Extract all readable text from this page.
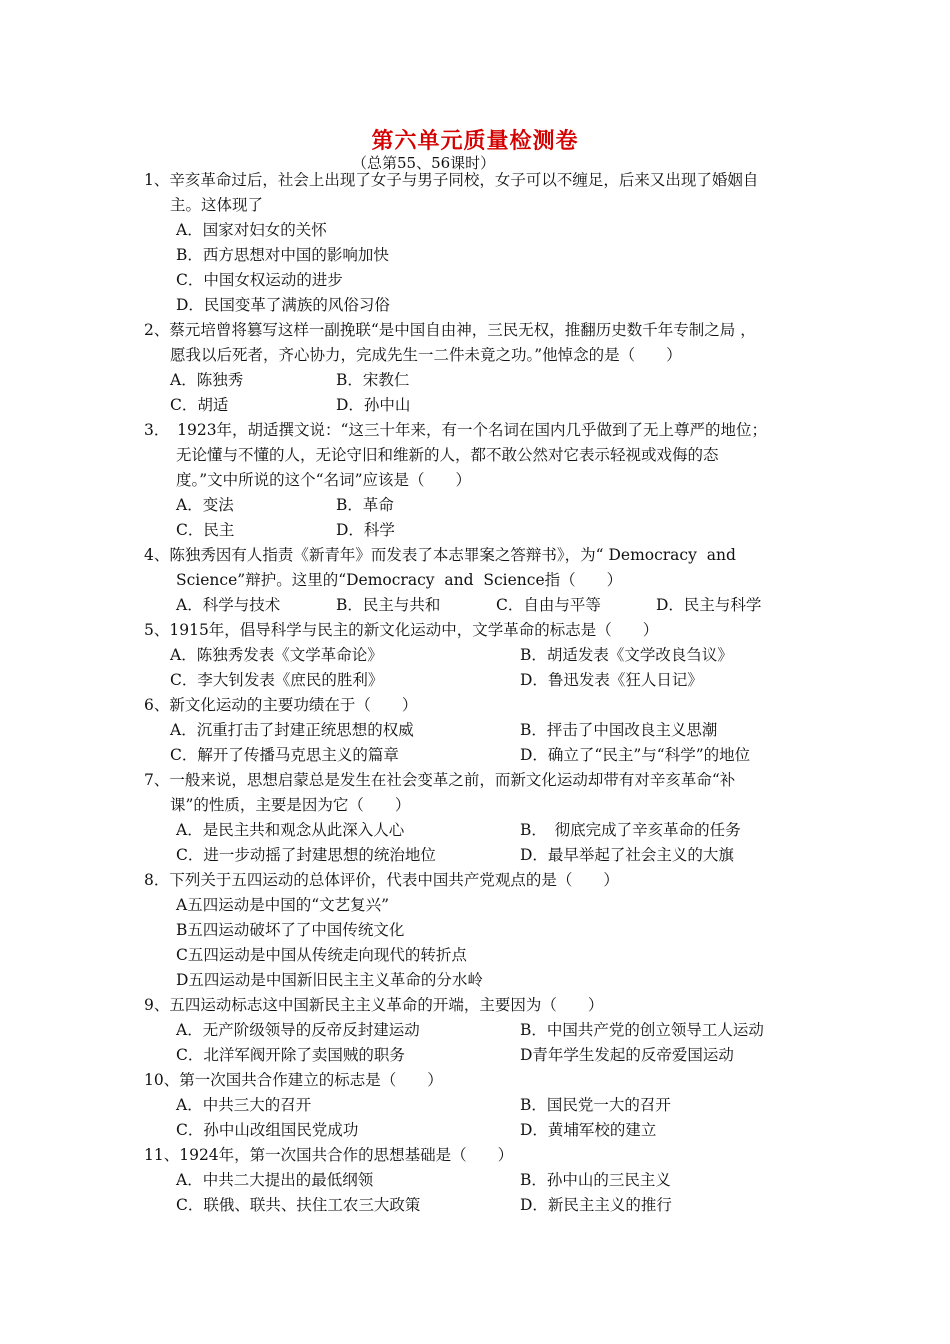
第六单元质量检测卷
（总第55、56课时）
1、辛亥革命过后，社会上出现了女子与男子同校，女子可以不缠足，后来又出现了婚姻自
主。这体现了
A．国家对妇女的关怀
B．西方思想对中国的影响加快
C．中国女权运动的进步
D．民国变革了满族的风俗习俗
2、蔡元培曾将篡写这样一副挽联“是中国自由神，三民无权，推翻历史数千年专制之局 ，
愿我以后死者，齐心协力，完成先生一二件未竟之功。”他悼念的是（　　）
A．陈独秀	B．宋教仁
C．胡适	D．孙中山
3．　1923年，胡适撰文说：“这三十年来，有一个名词在国内几乎做到了无上尊严的地位；
无论懂与不懂的人，无论守旧和维新的人，都不敢公然对它表示轻视或戏侮的态
度。”文中所说的这个“名词”应该是（　　）
A．变法	B．革命
C．民主	D．科学
4、陈独秀因有人指责《新青年》而发表了本志罪案之答辩书》，为“ Democracy  and
Science”辩护。这里的“Democracy  and  Science指（　　）
A．科学与技术	B．民主与共和	C．自由与平等	D．民主与科学
5、1915年，倡导科学与民主的新文化运动中，文学革命的标志是（　　）
A．陈独秀发表《文学革命论》	B．胡适发表《文学改良刍议》
C．李大钊发表《庶民的胜利》	D．鲁迅发表《狂人日记》
6、新文化运动的主要功绩在于（　　）
A．沉重打击了封建正统思想的权威	B．抨击了中国改良主义思潮
C．解开了传播马克思主义的篇章	D．确立了“民主”与“科学”的地位
7、一般来说，思想启蒙总是发生在社会变革之前，而新文化运动却带有对辛亥革命“补
课”的性质，主要是因为它（　　）
A．是民主共和观念从此深入人心	B．　彻底完成了辛亥革命的任务
C．进一步动摇了封建思想的统治地位	D．最早举起了社会主义的大旗
8．下列关于五四运动的总体评价，代表中国共产党观点的是（　　）
A五四运动是中国的“文艺复兴”
B五四运动破坏了了中国传统文化
C五四运动是中国从传统走向现代的转折点
D五四运动是中国新旧民主主义革命的分水岭
9、五四运动标志这中国新民主主义革命的开端，主要因为（　　）
A．无产阶级领导的反帝反封建运动	B．中国共产党的创立领导工人运动
C．北洋军阀开除了卖国贼的职务	D青年学生发起的反帝爱国运动
10、第一次国共合作建立的标志是（　　）
A．中共三大的召开	B．国民党一大的召开
C．孙中山改组国民党成功	D．黄埔军校的建立
11、1924年，第一次国共合作的思想基础是（　　）
A．中共二大提出的最低纲领	B．孙中山的三民主义
C．联俄、联共、扶住工农三大政策	D．新民主主义的推行
